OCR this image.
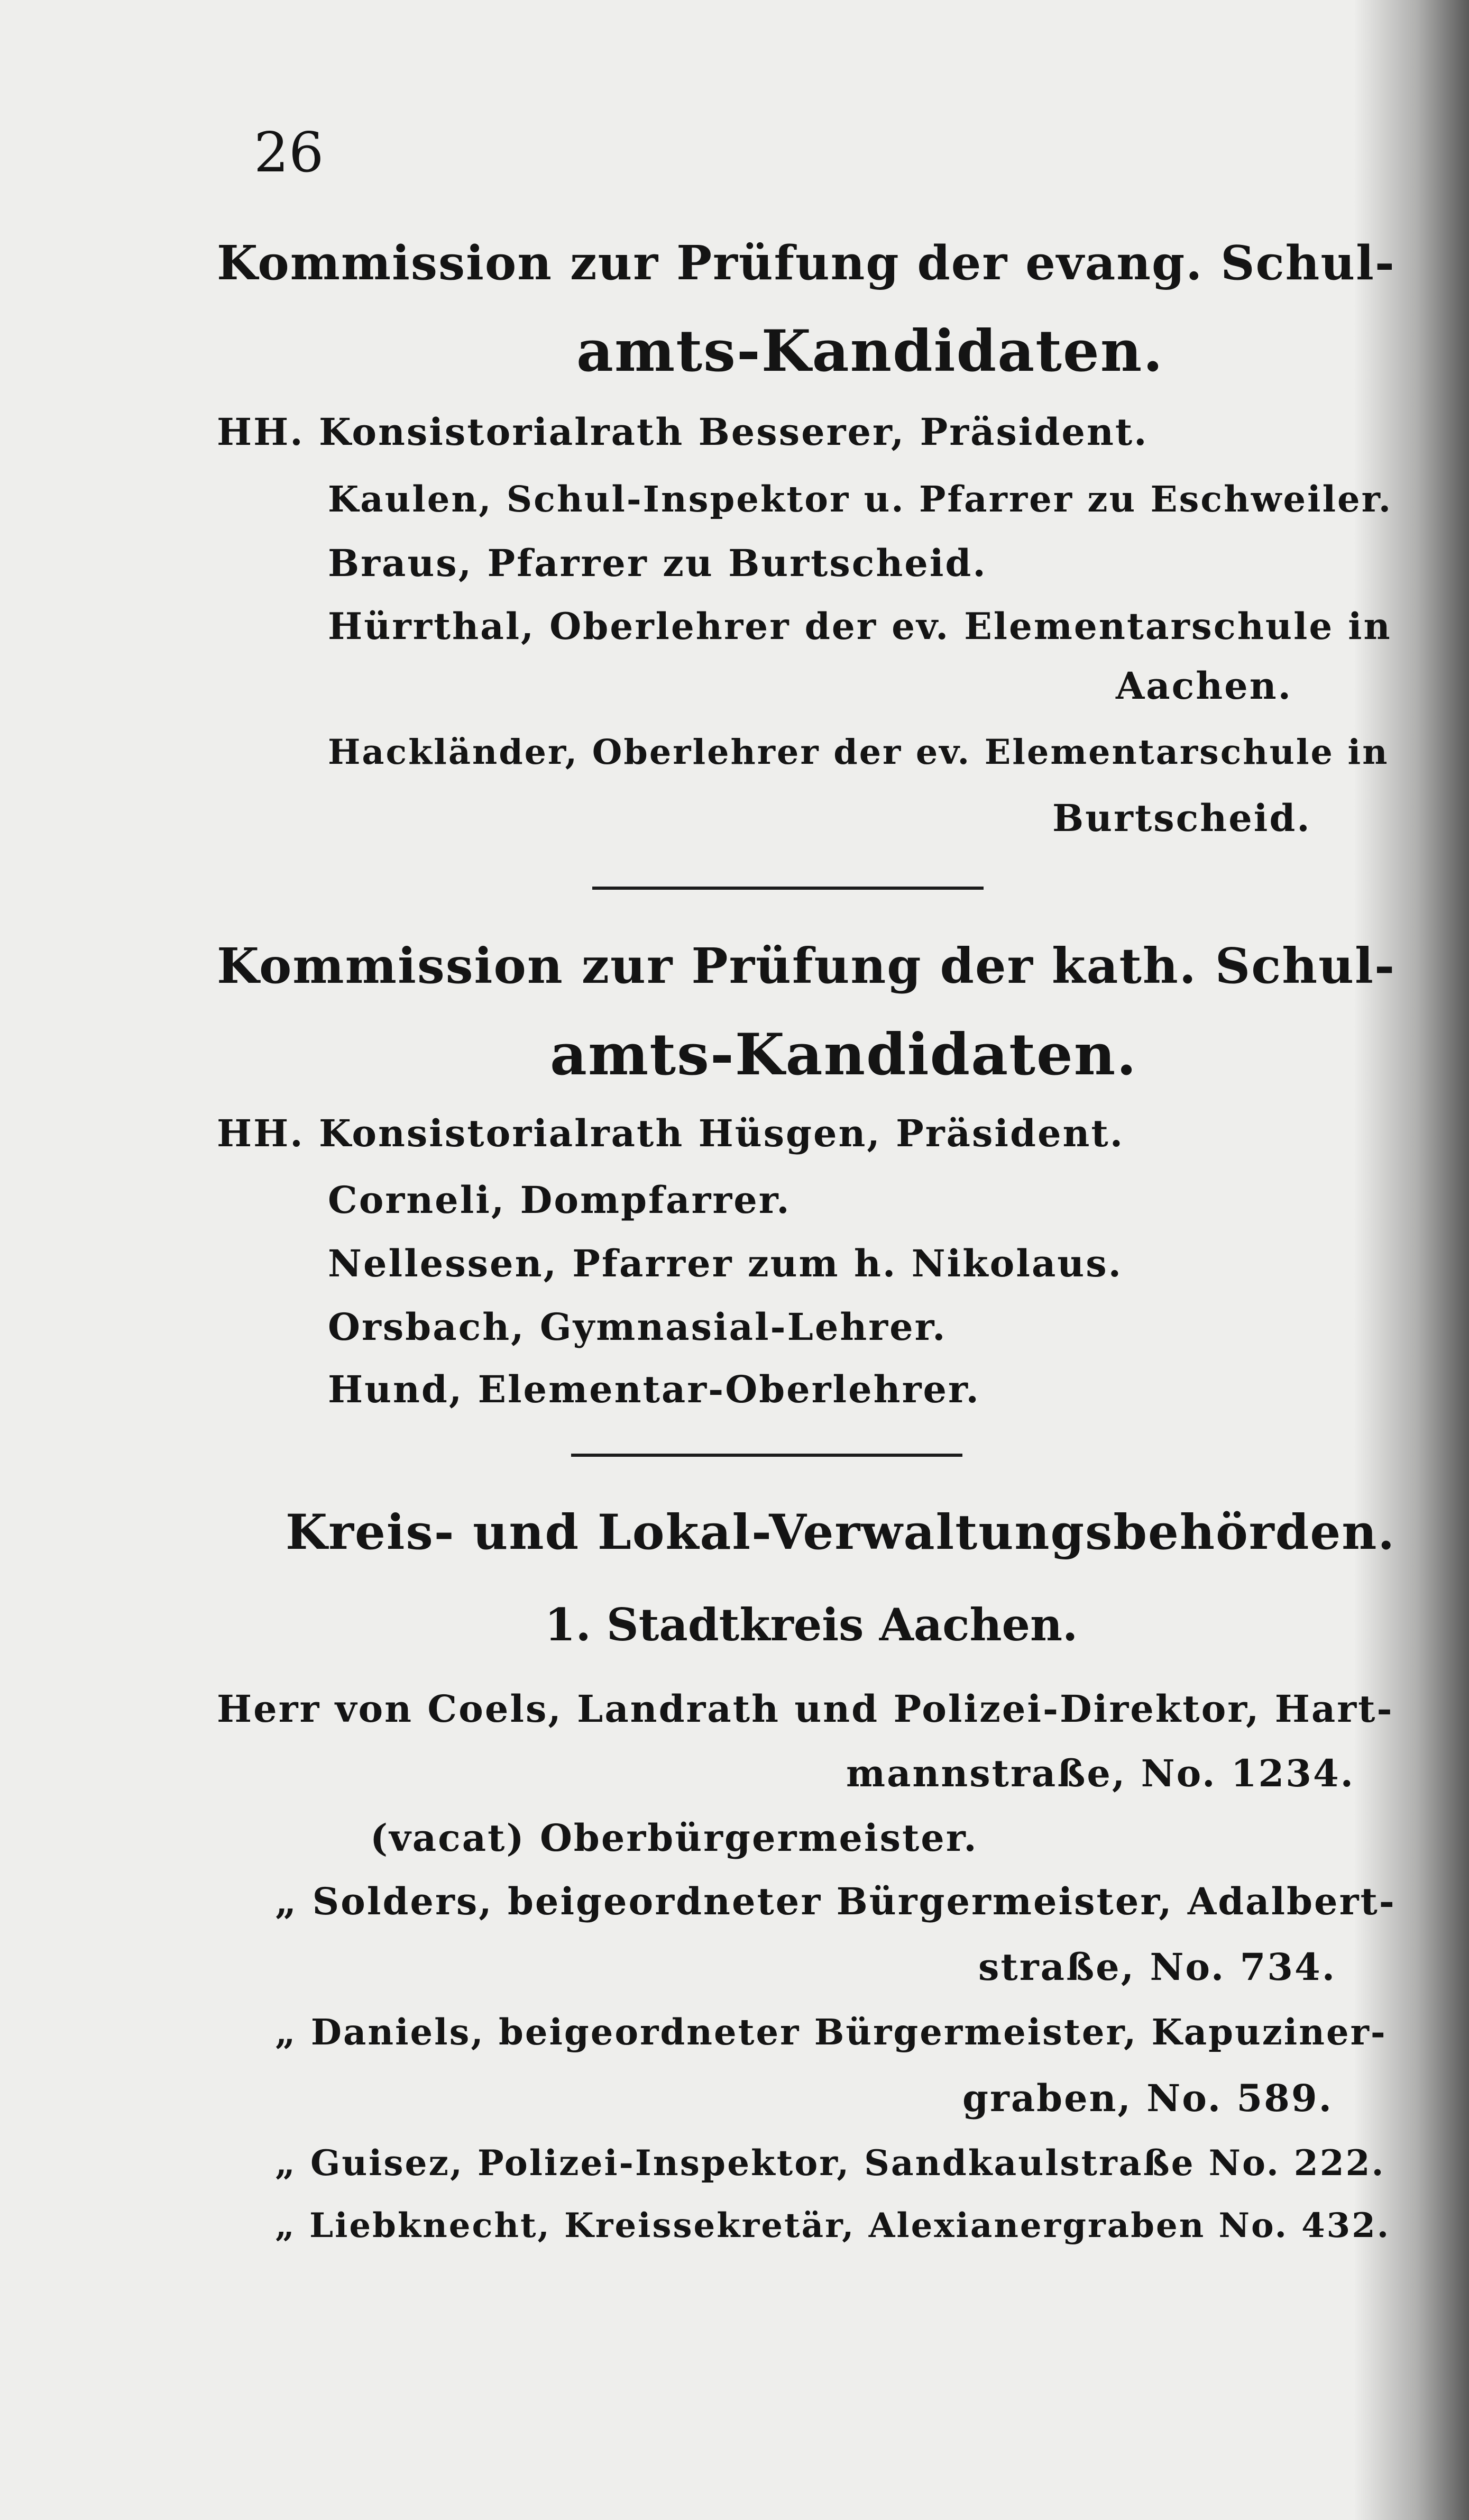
26
Kommission zur Prüfung der evang. Schul-
amts-Kandidaten.
HH. Konsistorialrath Besserer, Präsident.
Kaulen, Schul-Inspektor u. Pfarrer zu Eschweiler.
Braus, Pfarrer zu Burtscheid.
Hürrthal, Oberlehrer der ev. Elementarschule in
Aachen.
Hackländer, Oberlehrer der ev. Elementarschule in
Burtscheid.
Kommission zur Prüfung der kath. Schul-
amts-Kandidaten.
HH. Konsistorialrath Hüsgen, Präsident.
Corneli, Dompfarrer.
Nellessen, Pfarrer zum h. Nikolaus.
Orsbach, Gymnasial-Lehrer.
Hund, Elementar-Oberlehrer.
Kreis- und Lokal-Verwaltungsbehörden.
1. Stadtkreis Aachen.
Herr von Coels, Landrath und Polizei-Direktor, Hart-
mannstraße, No. 1234.
(vacat) Oberbürgermeister.
„ Solders, beigeordneter Bürgermeister, Adalbert-
straße, No. 734.
„ Daniels, beigeordneter Bürgermeister, Kapuziner-
graben, No. 589.
„ Guisez, Polizei-Inspektor, Sandkaulstraße No. 222.
„ Liebknecht, Kreissekretär, Alexianergraben No. 432.
